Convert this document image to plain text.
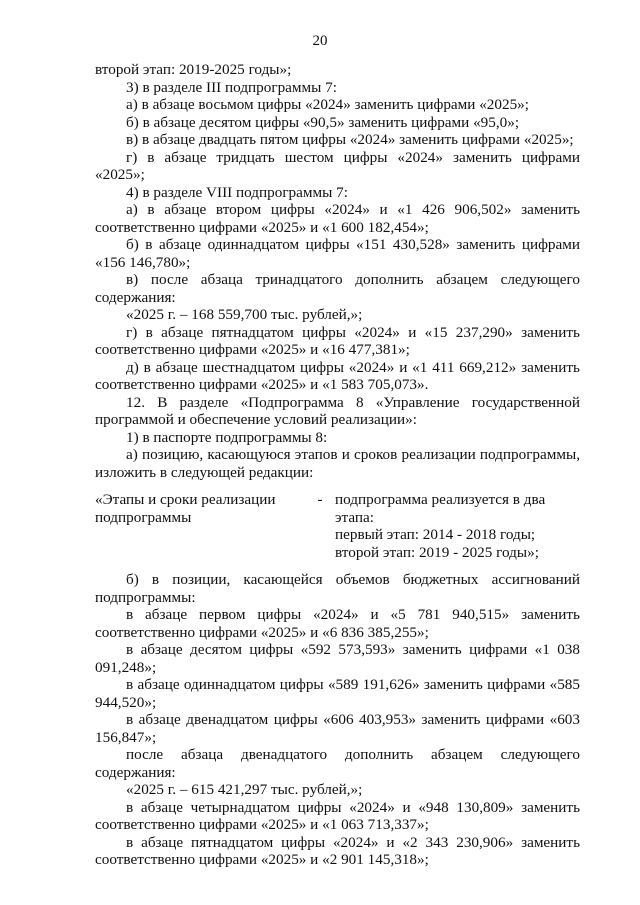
20

второй этап: 2019-2025 годы»;

3) в разделе III подпрограммы 7:

а) в абзаце восьмом цифры «2024» заменить цифрами «2025»;

б) в абзаце десятом цифры «90,5» заменить цифрами «95,0»;

в) в абзаце двадцать пятом цифры «2024» заменить цифрами «2025»;

г) в абзаце тридцать шестом цифры «2024» заменить цифрами «2025»;

4) в разделе VIII подпрограммы 7:

а) в абзаце втором цифры «2024» и «1 426 906,502» заменить соответственно цифрами «2025» и «1 600 182,454»;

б) в абзаце одиннадцатом цифры «151 430,528» заменить цифрами «156 146,780»;

в) после абзаца тринадцатого дополнить абзацем следующего содержания:

«2025 г. – 168 559,700 тыс. рублей,»;

г) в абзаце пятнадцатом цифры «2024» и «15 237,290» заменить соответственно цифрами «2025» и «16 477,381»;

д) в абзаце шестнадцатом цифры «2024» и «1 411 669,212» заменить соответственно цифрами «2025» и «1 583 705,073».

12. В разделе «Подпрограмма 8 «Управление государственной программой и обеспечение условий реализации»:

1) в паспорте подпрограммы 8:

а) позицию, касающуюся этапов и сроков реализации подпрограммы, изложить в следующей редакции:

«Этапы и сроки реализации подпрограммы
- подпрограмма реализуется в два этапа:
первый этап: 2014 - 2018 годы;
второй этап: 2019 - 2025 годы»;

б) в позиции, касающейся объемов бюджетных ассигнований подпрограммы:

в абзаце первом цифры «2024» и «5 781 940,515» заменить соответственно цифрами «2025» и «6 836 385,255»;

в абзаце десятом цифры «592 573,593» заменить цифрами «1 038 091,248»;

в абзаце одиннадцатом цифры «589 191,626» заменить цифрами «585 944,520»;

в абзаце двенадцатом цифры «606 403,953» заменить цифрами «603 156,847»;

после абзаца двенадцатого дополнить абзацем следующего содержания:

«2025 г. – 615 421,297 тыс. рублей,»;

в абзаце четырнадцатом цифры «2024» и «948 130,809» заменить соответственно цифрами «2025» и «1 063 713,337»;

в абзаце пятнадцатом цифры «2024» и «2 343 230,906» заменить соответственно цифрами «2025» и «2 901 145,318»;
